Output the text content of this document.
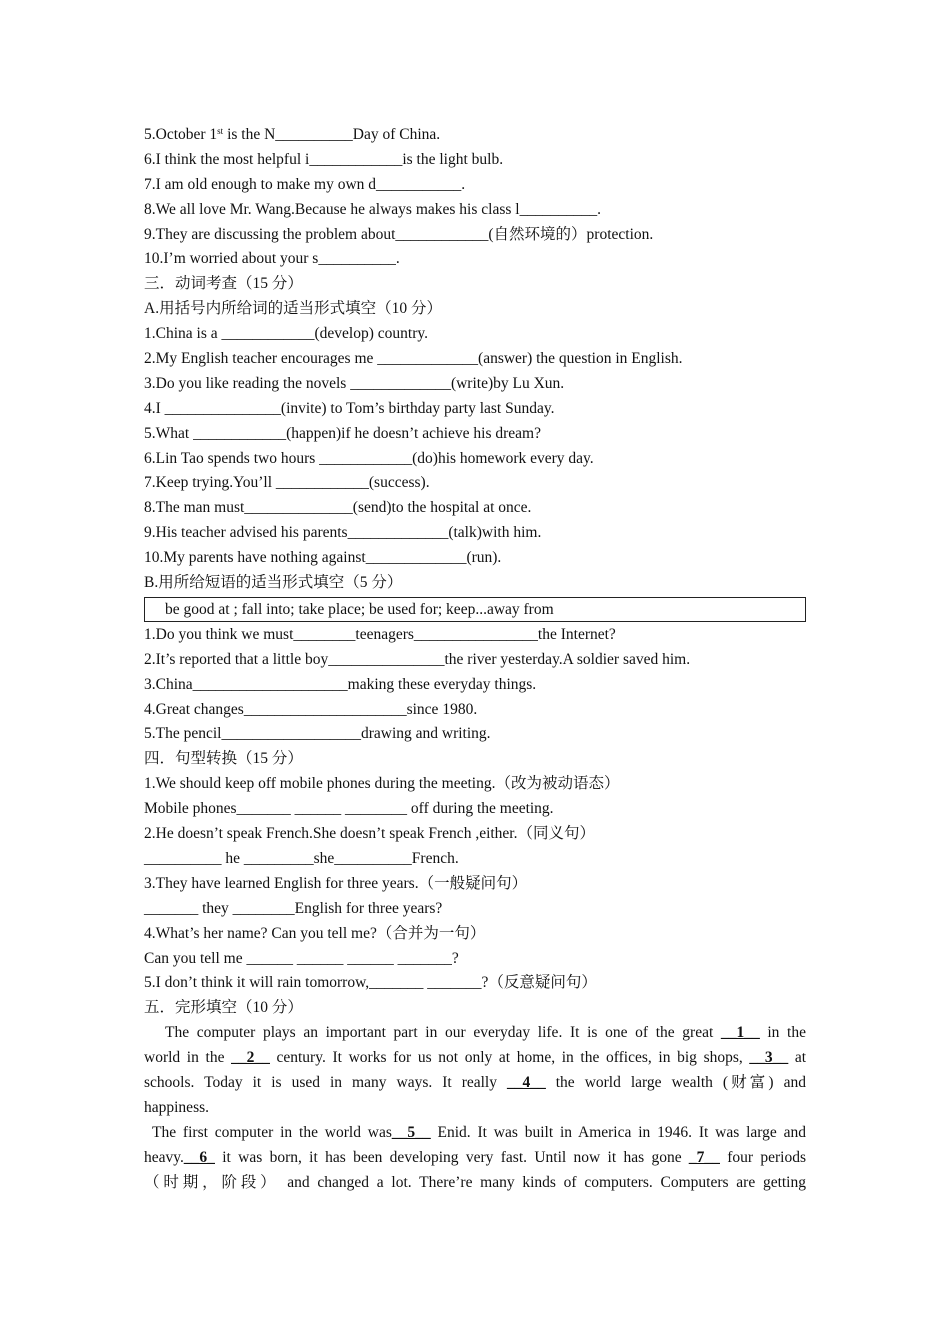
5.October 1st is the N__________Day of China.
6.I think the most helpful i____________is the light bulb.
7.I am old enough to make my own d___________.
8.We all love Mr. Wang.Because he always makes his class l__________.
9.They are discussing the problem about____________(自然环境的）protection.
10.I’m worried about your s__________.
三．动词考查（15 分）
A.用括号内所给词的适当形式填空（10 分）
1.China is a ____________(develop) country.
2.My English teacher encourages me _____________(answer) the question in English.
3.Do you like reading the novels _____________(write)by Lu Xun.
4.I _______________(invite) to Tom’s birthday party last Sunday.
5.What ____________(happen)if he doesn’t achieve his dream?
6.Lin Tao spends two hours ____________(do)his homework every day.
7.Keep trying.You’ll ____________(success).
8.The man must______________(send)to the hospital at once.
9.His teacher advised his parents_____________(talk)with him.
10.My parents have nothing against_____________(run).
B.用所给短语的适当形式填空（5 分）
be good at ; fall into; take place; be used for; keep...away from
1.Do you think we must________teenagers________________the Internet?
2.It’s reported that a little boy_______________the river yesterday.A soldier saved him.
3.China____________________making these everyday things.
4.Great changes_____________________since 1980.
5.The pencil__________________drawing and writing.
四．句型转换（15 分）
1.We should keep off mobile phones during the meeting.（改为被动语态）
Mobile phones_______ ______ ________ off during the meeting.
2.He doesn’t speak French.She doesn’t speak French ,either.（同义句）
__________ he _________she__________French.
3.They have learned English for three years.（一般疑问句）
_______ they ________English for three years?
4.What’s her name? Can you tell me?（合并为一句）
Can you tell me ______ ______ ______ _______?
5.I don’t think it will rain tomorrow,_______ _______?（反意疑问句）
五．完形填空（10 分）
The computer plays an important part in our everyday life. It is one of the great __1__ in the
world in the __2__ century. It works for us not only at home, in the offices, in big shops, __3__ at
schools. Today it is used in many ways. It really __4__ the world large wealth (财富) and
happiness.
The first computer in the world was__5__ Enid. It was built in America in 1946. It was large and
heavy.__6_ it was born, it has been developing very fast. Until now it has gone _7__ four periods
（时期，阶段） and changed a lot. There’re many kinds of computers. Computers are getting
